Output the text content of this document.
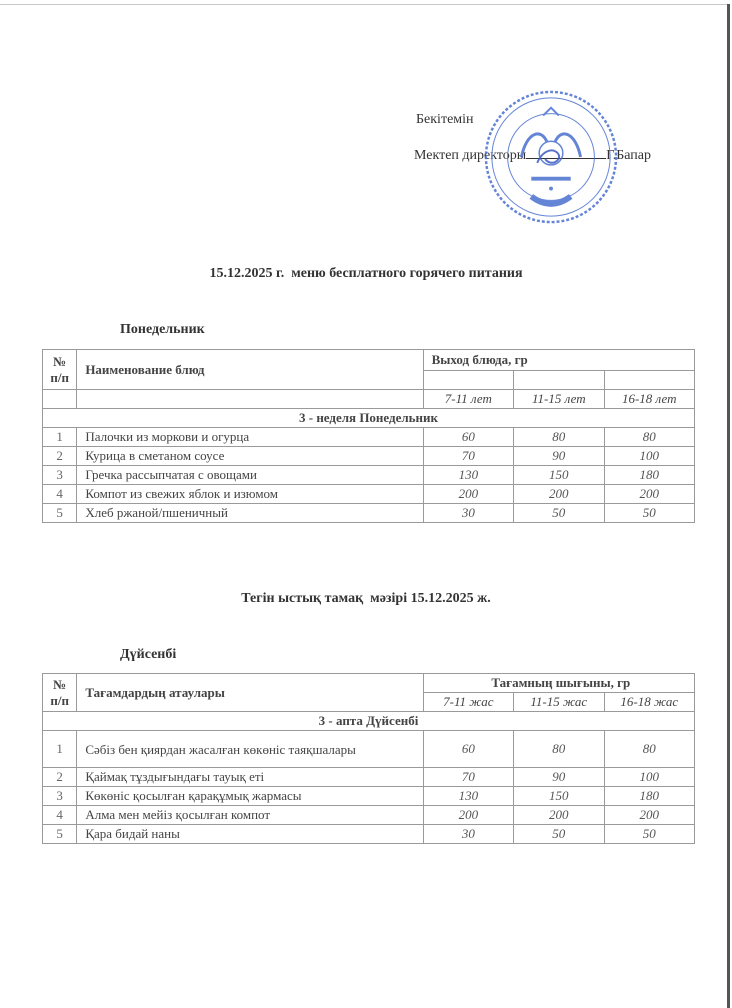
Бекітемін
Мектеп директоры	Г.Бапар
15.12.2025 г.  меню бесплатного горячего питания
Понедельник
№
п/п	Наименование блюд	Выход блюда, гр		

		7-11 лет	11-15 лет	16-18 лет
3 - неделя Понедельник				
1	Палочки из моркови и огурца	60	80	80
2	Курица в сметаном соусе	70	90	100
3	Гречка рассыпчатая с овощами	130	150	180
4	Компот из свежих яблок и изюмом	200	200	200
5	Хлеб ржаной/пшеничный	30	50	50
Тегін ыстық тамақ  мәзірі 15.12.2025 ж.
Дүйсенбі
№
п/п	Тағамдардың атаулары	Тағамның шығыны, гр		
		7-11 жас	11-15 жас	16-18 жас
3 - апта Дүйсенбі				
1	Сәбіз бен қиярдан жасалған көкөніс таяқшалары	60	80	80
2	Қаймақ тұздығындағы тауық еті	70	90	100
3	Көкөніс қосылған қарақұмық жармасы	130	150	180
4	Алма мен мейіз қосылған компот	200	200	200
5	Қара бидай наны	30	50	50
